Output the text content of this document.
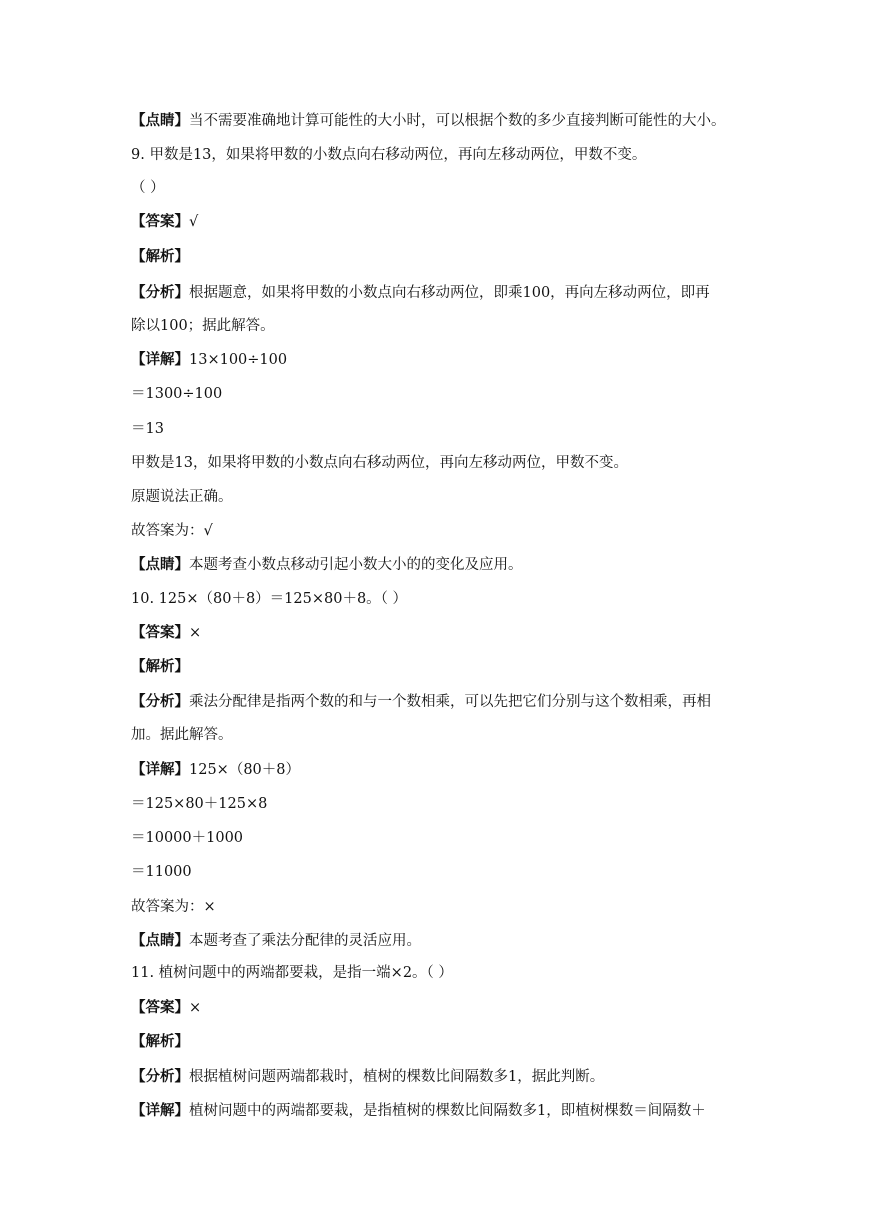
【点睛】当不需要准确地计算可能性的大小时，可以根据个数的多少直接判断可能性的大小。
9. 甲数是13，如果将甲数的小数点向右移动两位，再向左移动两位，甲数不变。
（ ）
【答案】√
【解析】
【分析】根据题意，如果将甲数的小数点向右移动两位，即乘100，再向左移动两位，即再
除以100；据此解答。
【详解】13×100÷100
＝1300÷100
＝13
甲数是13，如果将甲数的小数点向右移动两位，再向左移动两位，甲数不变。
原题说法正确。
故答案为：√
【点睛】本题考查小数点移动引起小数大小的的变化及应用。
10. 125×（80＋8）＝125×80＋8。（ ）
【答案】×
【解析】
【分析】乘法分配律是指两个数的和与一个数相乘，可以先把它们分别与这个数相乘，再相
加。据此解答。
【详解】125×（80＋8）
＝125×80＋125×8
＝10000＋1000
＝11000
故答案为：×
【点睛】本题考查了乘法分配律的灵活应用。
11. 植树问题中的两端都要栽，是指一端×2。（ ）
【答案】×
【解析】
【分析】根据植树问题两端都栽时，植树的棵数比间隔数多1，据此判断。
【详解】植树问题中的两端都要栽，是指植树的棵数比间隔数多1，即植树棵数＝间隔数＋
